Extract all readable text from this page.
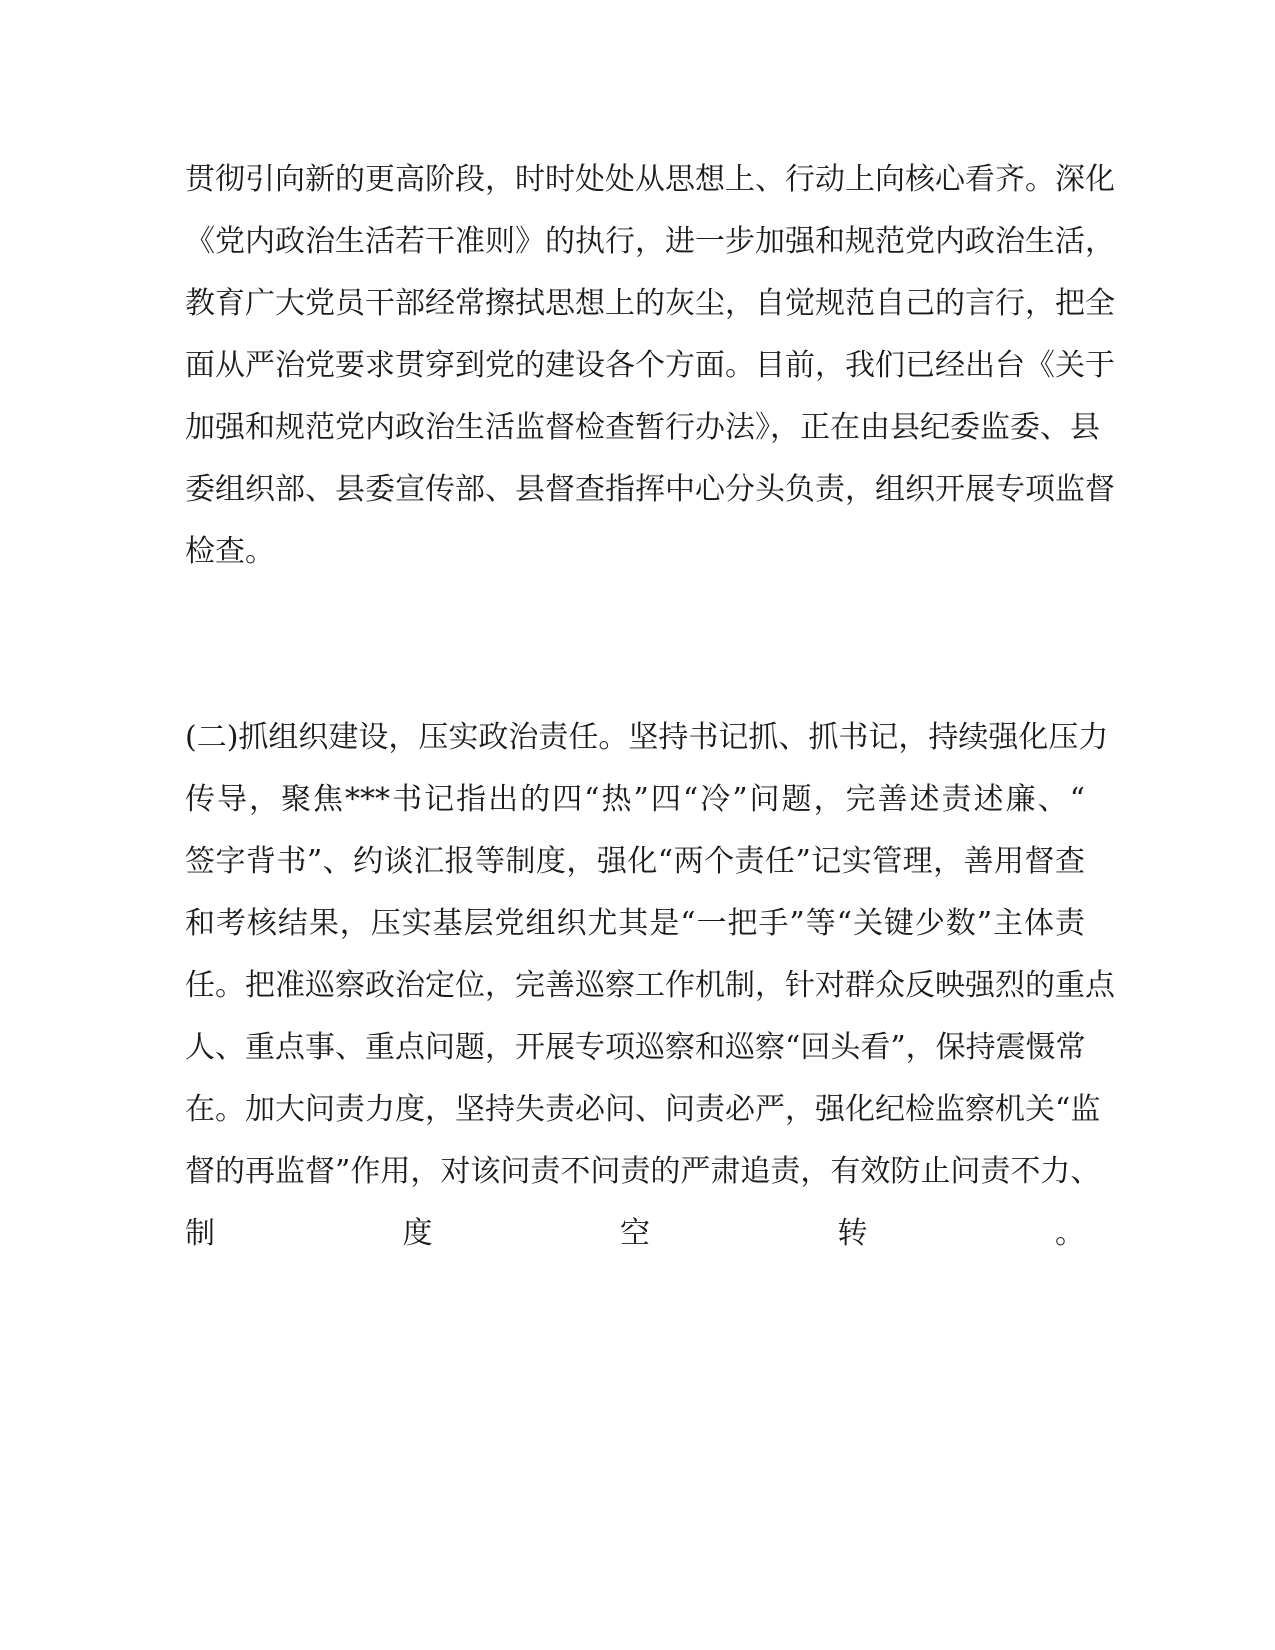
贯彻引向新的更高阶段，时时处处从思想上、行动上向核心看齐。深化
《党内政治生活若干准则》的执行，进一步加强和规范党内政治生活，
教育广大党员干部经常擦拭思想上的灰尘，自觉规范自己的言行，把全
面从严治党要求贯穿到党的建设各个方面。目前，我们已经出台《关于
加强和规范党内政治生活监督检查暂行办法》，正在由县纪委监委、县
委组织部、县委宣传部、县督查指挥中心分头负责，组织开展专项监督
检查。
(二)抓组织建设，压实政治责任。坚持书记抓、抓书记，持续强化压力
传导，聚焦***书记指出的四“热”四“冷”问题，完善述责述廉、“
签字背书”、约谈汇报等制度，强化“两个责任”记实管理，善用督查
和考核结果，压实基层党组织尤其是“一把手”等“关键少数”主体责
任。把准巡察政治定位，完善巡察工作机制，针对群众反映强烈的重点
人、重点事、重点问题，开展专项巡察和巡察“回头看”，保持震慑常
在。加大问责力度，坚持失责必问、问责必严，强化纪检监察机关“监
督的再监督”作用，对该问责不问责的严肃追责，有效防止问责不力、
制度空转。
